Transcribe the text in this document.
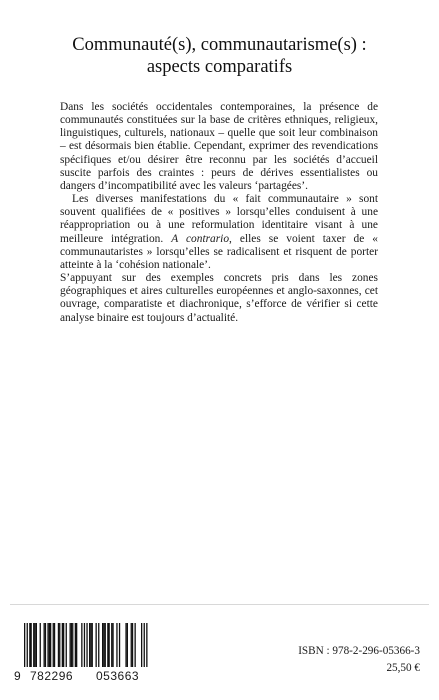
Communauté(s), communautarisme(s) :
aspects comparatifs

Dans les sociétés occidentales contemporaines, la présence de communautés constituées sur la base de critères ethniques, religieux, linguistiques, culturels, nationaux – quelle que soit leur combinaison – est désormais bien établie. Cependant, exprimer des revendications spécifiques et/ou désirer être reconnu par les sociétés d’accueil suscite parfois des craintes : peurs de dérives essentialistes ou dangers d’incompatibilité avec les valeurs ‘partagées’.

Les diverses manifestations du « fait communautaire » sont souvent qualifiées de « positives » lorsqu’elles conduisent à une réappropriation ou à une reformulation identitaire visant à une meilleure intégration. A contrario, elles se voient taxer de « communautaristes » lorsqu’elles se radicalisent et risquent de porter atteinte à la ‘cohésion nationale’.

S’appuyant sur des exemples concrets pris dans les zones géographiques et aires culturelles européennes et anglo-saxonnes, cet ouvrage, comparatiste et diachronique, s’efforce de vérifier si cette analyse binaire est toujours d’actualité.

9 782296 053663
ISBN : 978-2-296-05366-3
25,50 €
